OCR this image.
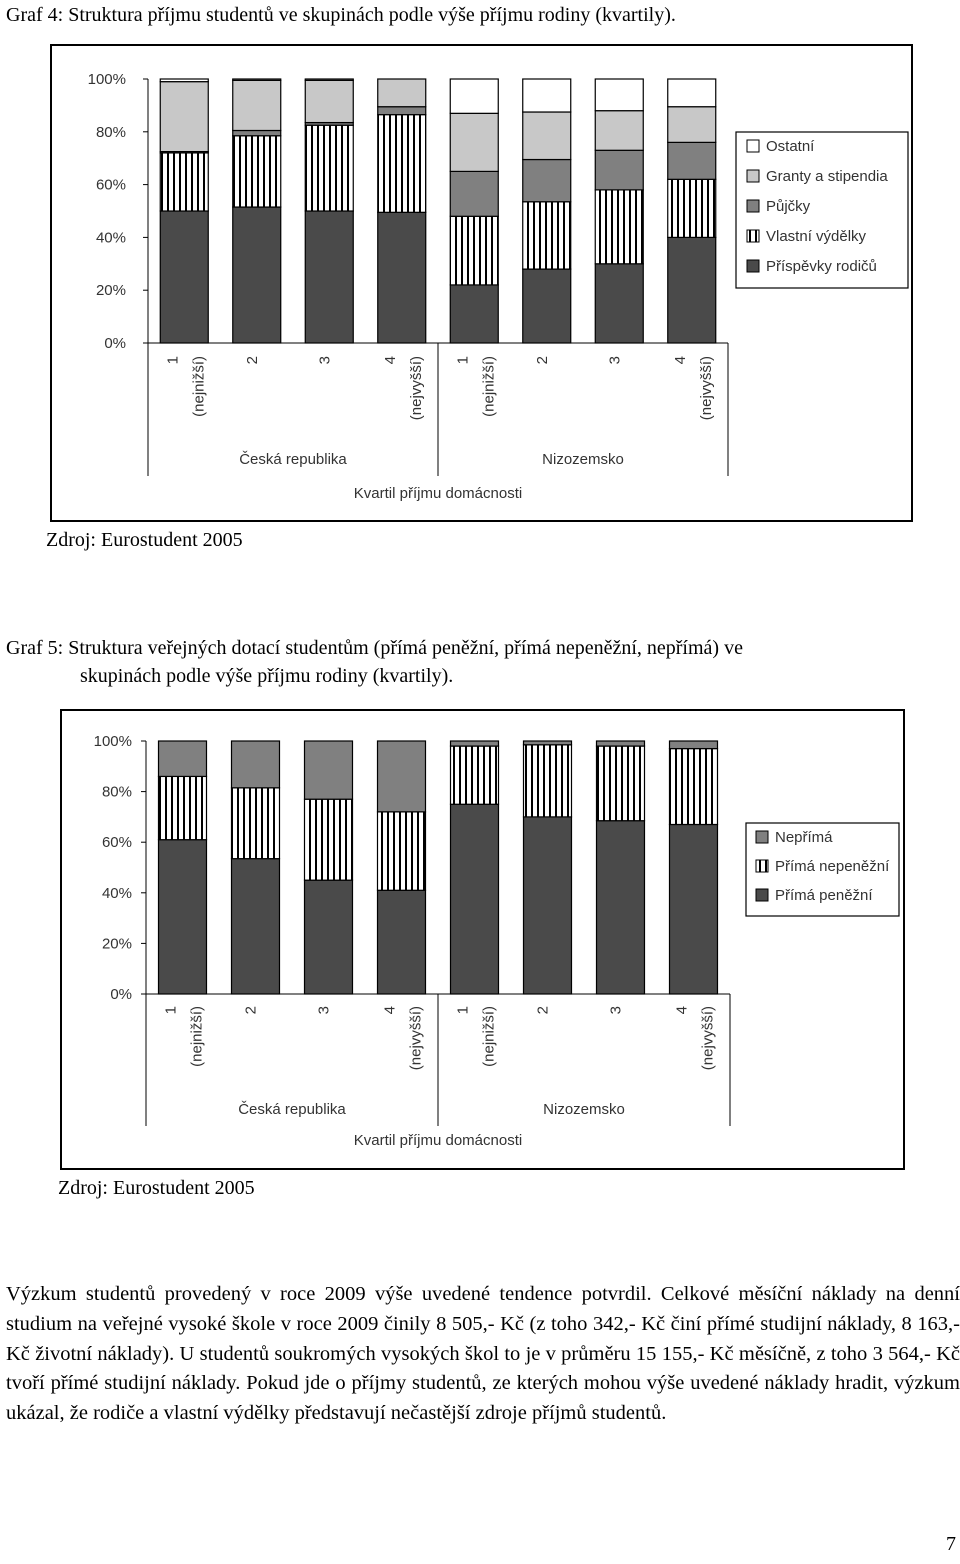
Graf 4: Struktura příjmu studentů ve skupinách podle výše příjmu rodiny (kvartily).
0%
20%
40%
60%
80%
100%
1 (nejnižší) 2	3	4 (nejvyšší) 1 (nejnižší) 2	3	4 (nejvyšší)
Česká republika	Nizozemsko
Kvartil příjmu domácnosti
Ostatní
Granty a stipendia
Půjčky
Vlastní výdělky
Příspěvky rodičů
Zdroj: Eurostudent 2005
Graf 5: Struktura veřejných dotací studentům (přímá peněžní, přímá nepeněžní, nepřímá) ve
skupinách podle výše příjmu rodiny (kvartily).
0%
20%
40%
60%
80%
100%
1 (nejnižší) 2	3	4 (nejvyšší) 1 (nejnižší) 2	3	4 (nejvyšší)
Česká republika	Nizozemsko
Kvartil příjmu domácnosti
Nepřímá
Přímá nepeněžní
Přímá peněžní
Zdroj: Eurostudent 2005

Výzkum studentů provedený v roce 2009 výše uvedené tendence potvrdil. Celkové měsíční náklady na denní studium na veřejné vysoké škole v roce 2009 činily 8 505,- Kč (z toho 342,- Kč činí přímé studijní náklady, 8 163,- Kč životní náklady). U studentů soukromých vysokých škol to je v průměru 15 155,- Kč měsíčně, z toho 3 564,- Kč tvoří přímé studijní náklady. Pokud jde o příjmy studentů, ze kterých mohou výše uvedené náklady hradit, výzkum ukázal, že rodiče a vlastní výdělky představují nečastější zdroje příjmů studentů.

7
